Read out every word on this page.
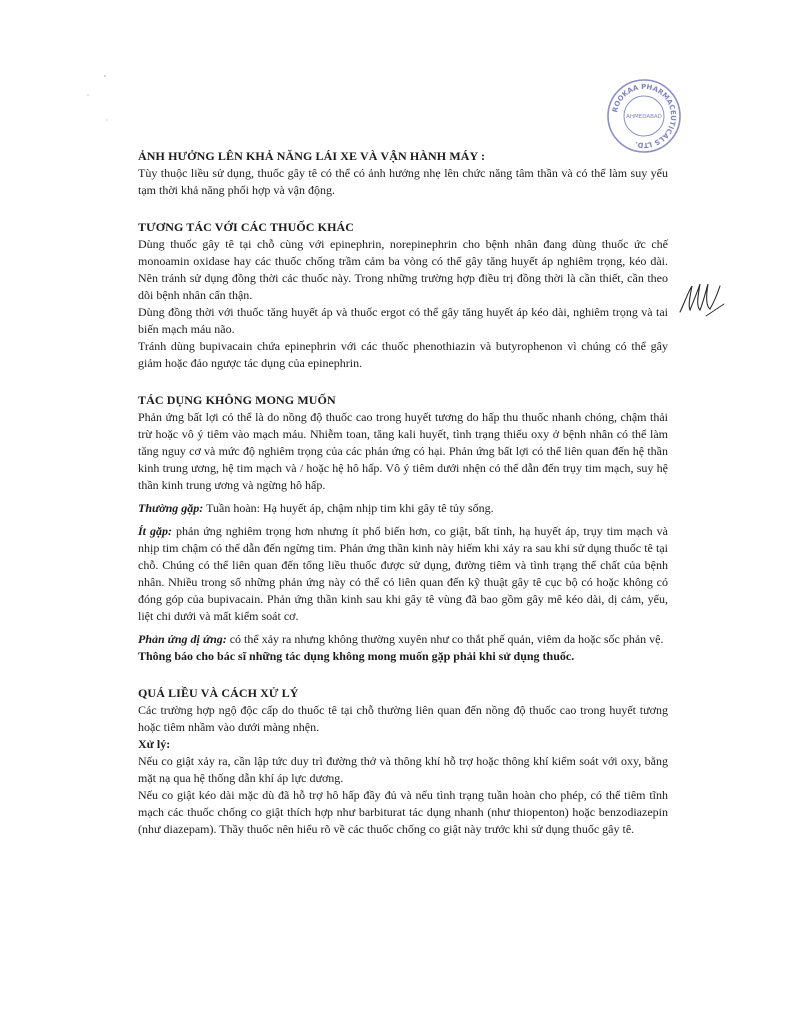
ROOKAA PHARMACEUTICALS LTD.
AHMEDABAD

ẢNH HƯỞNG LÊN KHẢ NĂNG LÁI XE VÀ VẬN HÀNH MÁY :

Tùy thuộc liều sử dụng, thuốc gây tê có thể có ảnh hưởng nhẹ lên chức năng tâm thần và có thể làm suy yếu tạm thời khả năng phối hợp và vận động.

TƯƠNG TÁC VỚI CÁC THUỐC KHÁC

Dùng thuốc gây tê tại chỗ cùng với epinephrin, norepinephrin cho bệnh nhân đang dùng thuốc ức chế monoamin oxidase hay các thuốc chống trầm cảm ba vòng có thể gây tăng huyết áp nghiêm trọng, kéo dài. Nên tránh sử dụng đồng thời các thuốc này. Trong những trường hợp điều trị đồng thời là cần thiết, cần theo dõi bệnh nhân cẩn thận.

Dùng đồng thời với thuốc tăng huyết áp và thuốc ergot có thể gây tăng huyết áp kéo dài, nghiêm trọng và tai biến mạch máu não.

Tránh dùng bupivacain chứa epinephrin với các thuốc phenothiazin và butyrophenon vì chúng có thể gây giảm hoặc đảo ngược tác dụng của epinephrin.

TÁC DỤNG KHÔNG MONG MUỐN

Phản ứng bất lợi có thể là do nồng độ thuốc cao trong huyết tương do hấp thu thuốc nhanh chóng, chậm thải trừ hoặc vô ý tiêm vào mạch máu. Nhiễm toan, tăng kali huyết, tình trạng thiếu oxy ở bệnh nhân có thể làm tăng nguy cơ và mức độ nghiêm trọng của các phản ứng có hại. Phản ứng bất lợi có thể liên quan đến hệ thần kinh trung ương, hệ tim mạch và / hoặc hệ hô hấp. Vô ý tiêm dưới nhện có thể dẫn đến trụy tim mạch, suy hệ thần kinh trung ương và ngừng hô hấp.

Thường gặp: Tuần hoàn: Hạ huyết áp, chậm nhịp tim khi gây tê tủy sống.

Ít gặp: phản ứng nghiêm trọng hơn nhưng ít phổ biến hơn, co giật, bất tỉnh, hạ huyết áp, trụy tim mạch và nhịp tim chậm có thể dẫn đến ngừng tim. Phản ứng thần kinh này hiếm khi xảy ra sau khi sử dụng thuốc tê tại chỗ. Chúng có thể liên quan đến tổng liều thuốc được sử dụng, đường tiêm và tình trạng thể chất của bệnh nhân. Nhiều trong số những phản ứng này có thể có liên quan đến kỹ thuật gây tê cục bộ có hoặc không có đóng góp của bupivacain. Phản ứng thần kinh sau khi gây tê vùng đã bao gồm gây mê kéo dài, dị cảm, yếu, liệt chi dưới và mất kiểm soát cơ.

Phản ứng dị ứng: có thể xảy ra nhưng không thường xuyên như co thắt phế quản, viêm da hoặc sốc phản vệ.

Thông báo cho bác sĩ những tác dụng không mong muốn gặp phải khi sử dụng thuốc.

QUÁ LIỀU VÀ CÁCH XỬ LÝ

Các trường hợp ngộ độc cấp do thuốc tê tại chỗ thường liên quan đến nồng độ thuốc cao trong huyết tương hoặc tiêm nhầm vào dưới màng nhện.

Xử lý:

Nếu co giật xảy ra, cần lập tức duy trì đường thở và thông khí hỗ trợ hoặc thông khí kiểm soát với oxy, bằng mặt nạ qua hệ thống dẫn khí áp lực dương.

Nếu co giật kéo dài mặc dù đã hỗ trợ hô hấp đầy đủ và nếu tình trạng tuần hoàn cho phép, có thể tiêm tĩnh mạch các thuốc chống co giật thích hợp như barbiturat tác dụng nhanh (như thiopenton) hoặc benzodiazepin (như diazepam). Thầy thuốc nên hiểu rõ về các thuốc chống co giật này trước khi sử dụng thuốc gây tê.
